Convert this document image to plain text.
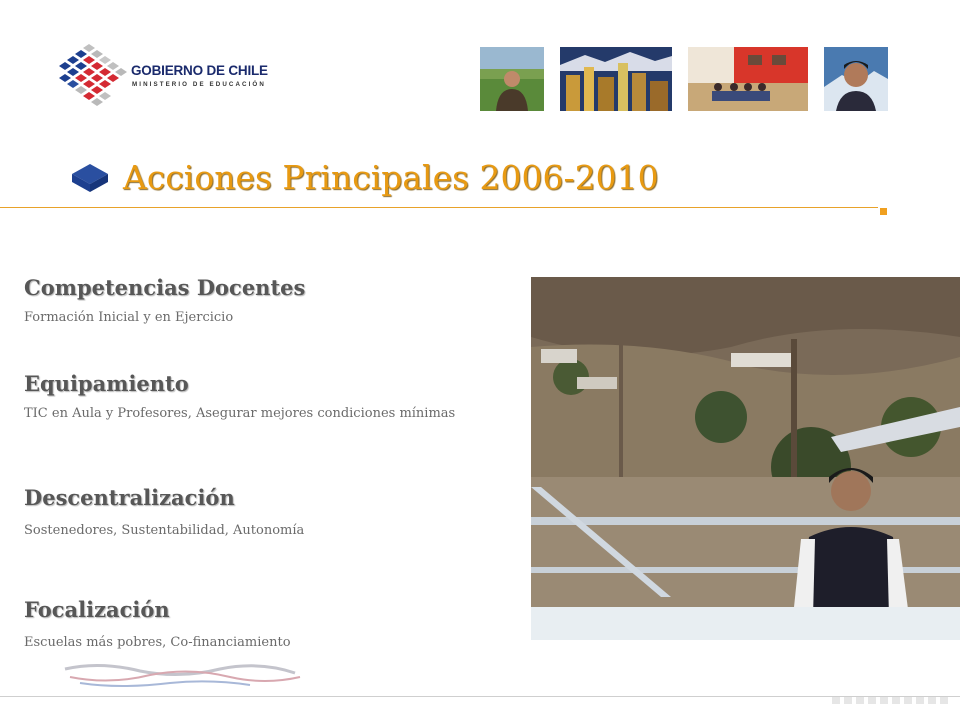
GOBIERNO DE CHILE
MINISTERIO DE EDUCACIÓN
Acciones Principales 2006-2010
Competencias Docentes

Formación Inicial y en Ejercicio

Equipamiento

TIC en Aula y Profesores, Asegurar mejores condiciones mínimas

Descentralización

Sostenedores, Sustentabilidad, Autonomía

Focalización

Escuelas más pobres, Co-financiamiento
